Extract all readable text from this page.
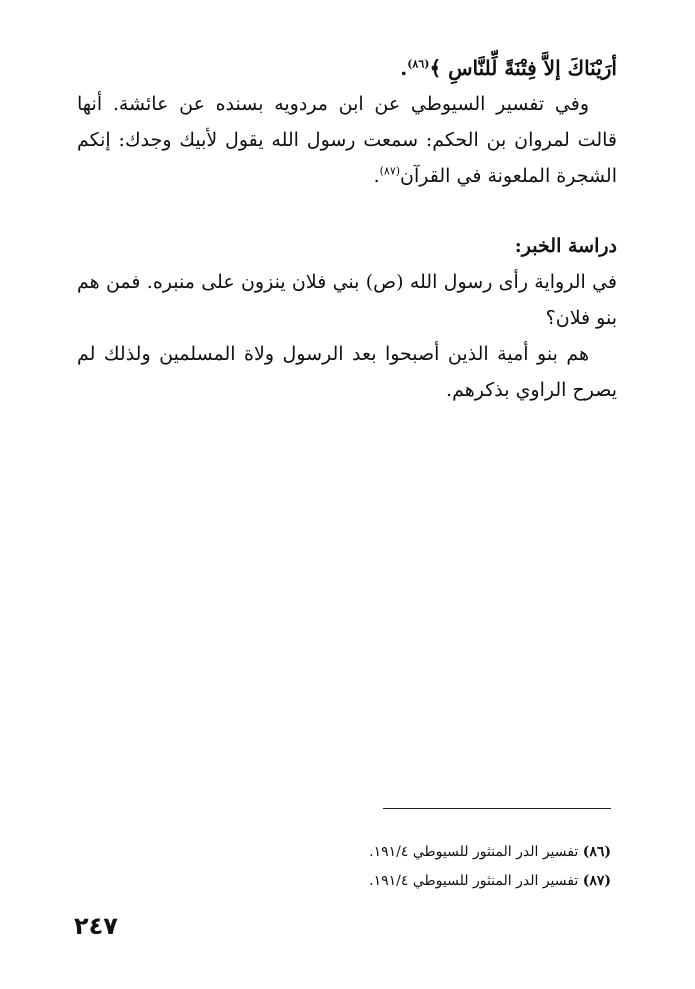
أرَيْنَاكَ إلاَّ فِتْنَةً لِّلنَّاسِ ﴾$^{(٨٦)}$.

وفي تفسير السيوطي عن ابن مردويه بسنده عن عائشة. أنها قالت لمروان بن الحكم: سمعت رسول الله يقول لأبيك وجدك: إنكم الشجرة الملعونة في القرآن$^{(٨٧)}$.

دراسة الخبر:

في الرواية رأى رسول الله (ص) بني فلان ينزون على منبره. فمن هم بنو فلان؟

هم بنو أمية الذين أصبحوا بعد الرسول ولاة المسلمين ولذلك لم يصرح الراوي بذكرهم.

(٨٦) تفسير الدر المنثور للسيوطي ١٩١/٤.

(٨٧) تفسير الدر المنثور للسيوطي ١٩١/٤.

٢٤٧
